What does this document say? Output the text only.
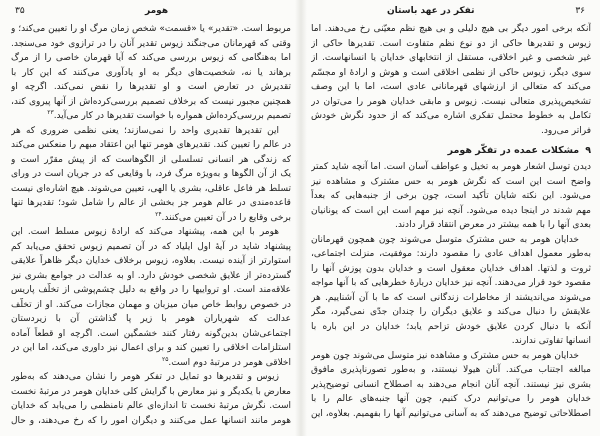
۳۵	هومر
مربوط است. «تقدیر» یا «قسمت» شخص زمان مرگ او را تعیین می‌کند؛ و
وقتی که قهرمانان می‌جنگند زیوس تقدیر آنان را در ترازوی خود می‌سنجد.
اما به‌هنگامی که زیوس بررسی می‌کند که آیا قهرمان خاصی را از مرگ
برهاند یا نه، شخصیت‌های دیگر به او یادآوری می‌کنند که این کار با
تقدیرش در تعارض است و او تقدیرها را نقض نمی‌کند. اگرچه او
همچنین مجبور نیست که برخلاف تصمیم بررسی‌کرده‌اش از آنها پیروی کند،
تصمیم بررسی‌کرده‌اش همواره با خواست تقدیرها در کار می‌آید.$^{۲۳}$
این تقدیرها تقدیری واحد را نمی‌سازند؛ یعنی نظمی ضروری که هر
در عالم را تعیین کند. تقدیرهای هومر تنها این اعتقاد مبهم را منعکس می‌کند
که زندگی هر انسانی تسلسلی از الگوهاست که از پیش مقرّر است و
یک از آن الگوها و به‌ویژه مرگ فرد، با وقایعی که در جریان است در ورای
تسلط هر فاعل عاقلی، بشری یا الهی، تعیین می‌شوند. هیچ اشاره‌ای نیست
قاعده‌مندی در عالم هومر جز بخشی از عالم را شامل شود؛ تقدیرها تنها
برخی وقایع را در آن تعیین می‌کنند.$^{۲۴}$
هومر با این همه، پیشنهاد می‌کند که ارادهٔ زیوس مسلط است. این
پیشنهاد شاید در آیهٔ اول ایلیاد که در آن تصمیم زیوس تحقق می‌یابد کم
استوارتر از آینده نیست. بعلاوه، زیوس برخلاف خدایان دیگر ظاهراً علایقی
گسترده‌تر از علایق شخصی خودش دارد. او به عدالت در جوامع بشری نیز
علاقه‌مند است. او ترواییها را در واقع به دلیل چشم‌پوشی از تخلّف پاریس
در خصوص روابط خاص میان میزبان و مهمان مجازات می‌کند. او از تخلّف
عدالت که شهریاران هومر با زیر پا گذاشتن آن با زیردستان
اجتماعی‌شان بدین‌گونه رفتار کنند خشمگین است. اگرچه او قطعاً آماده
استلزامات اخلاقی را تعیین کند و برای اعمال نیز داوری می‌کند، اما این در
اخلاقی هومر در مرتبهٔ دوم است.$^{۲۵}$
زیوس و تقدیرها دو تمایل در تفکر هومر را نشان می‌دهند که به‌طور
معارض با یکدیگر و نیز معارض با گرایش کلی خدایان هومر در مرتبهٔ نخست
است. نگرش مرتبهٔ نخست تا اندازه‌ای عالم نامنظمی را می‌یابد که خدایان
هومر مانند انسانها عمل می‌کنند و دیگران امور را که رخ می‌دهند، و حال
۳۶
تفکر در عهد باستان
آنکه برخی امور دیگر بی هیچ دلیلی و بی هیچ نظم معیّنی رخ می‌دهند. اما
زیوس و تقدیرها حاکی از دو نوع نظم متفاوت است. تقدیرها حاکی از
غیر شخصی و غیر اخلاقی، مستقل از انتخابهای خدایان یا انسانهاست. از
سوی دیگر، زیوس حاکی از نظمی اخلاقی است و هوش و ارادهٔ او مجسّم
می‌کند که متعالی از ارزشهای قهرمانانی عادی است، اما با این وصف
تشخیص‌پذیری متعالی نیست. زیوس و مابقی خدایان هومر را می‌توان در
تکامل به خطوط محتمل تفکری اشاره می‌کند که از حدود نگرش خودش
فراتر می‌رود.
۹مشکلات عمده در تفکّر هومر
دیدن توسل اشعار هومر به تخیل و عواطف آسان است. اما آنچه شاید کمتر
واضح است این است که نگرش هومر به حس مشترک و مشاهده نیز
می‌شود. این نکته شایان تأکید است، چون برخی از جنبه‌هایی که بعداً
مهم شدند در اینجا دیده می‌شود. آنچه نیز مهم است این است که یونانیان
بعدی آنها را با همه بیشتر در معرض انتقاد قرار دادند.
خدایان هومر به حس مشترک متوسل می‌شوند چون همچون قهرمانان
به‌طور معمول اهداف عادی را مقصود دارند: موفقیت، منزلت اجتماعی،
ثروت و لذتها. اهداف خدایان معقول است و خدایان بدون پوزش آنها را
مقصود خود قرار می‌دهند. آنچه نیز خدایان دربارهٔ خطرهایی که با آنها مواجه
می‌شوند می‌اندیشند از مخاطرات زندگانی است که ما با آن آشناییم. هر
علایقش را دنبال می‌کند و علایق دیگران را چندان جدّی نمی‌گیرد، مگر
آنکه با دنبال کردن علایق خودش تزاحم یابد؛ خدایان در این باره با
انسانها تفاوتی ندارند.
خدایان هومر به حس مشترک و مشاهده نیز متوسل می‌شوند چون هومر
مبالغه اجتناب می‌کند. آنان هیولا نیستند، و به‌طور تصورناپذیری مافوق
بشری نیز نیستند. آنچه آنان انجام می‌دهند به اصطلاح انسانی توضیح‌پذیر
خدایان هومر را می‌توانیم درک کنیم، چون آنها جنبه‌های عالم را با
اصطلاحاتی توضیح می‌دهند که به آسانی می‌توانیم آنها را بفهمیم. بعلاوه، این
